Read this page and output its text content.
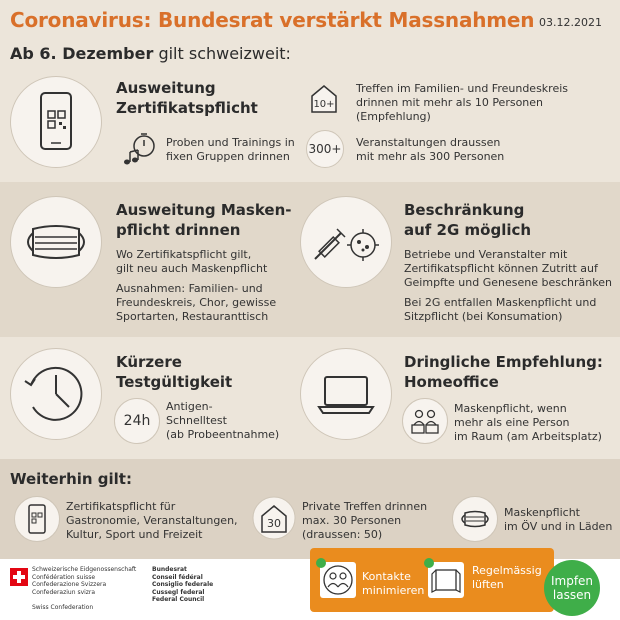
Coronavirus: Bundesrat verstärkt Massnahmen 03.12.2021
Ab 6. Dezember gilt schweizweit:
Ausweitung
Zertifikatspflicht
Proben und Trainings in
fixen Gruppen drinnen
10+
Treffen im Familien- und Freundeskreis
drinnen mit mehr als 10 Personen
(Empfehlung)
300+ Veranstaltungen draussen
mit mehr als 300 Personen
Ausweitung Masken-
pflicht drinnen
Wo Zertifikatspflicht gilt,
gilt neu auch Maskenpflicht
Ausnahmen: Familien- und
Freundeskreis, Chor, gewisse
Sportarten, Restauranttisch
Beschränkung
auf 2G möglich
Betriebe und Veranstalter mit
Zertifikatspflicht können Zutritt auf
Geimpfte und Genesene beschränken
Bei 2G entfallen Maskenpflicht und
Sitzpflicht (bei Konsumation)
Kürzere
Testgültigkeit
24h
Antigen-
Schnelltest
(ab Probeentnahme)
Dringliche Empfehlung:
Homeoffice
Maskenpflicht, wenn
mehr als eine Person
im Raum (am Arbeitsplatz)
Weiterhin gilt:
Zertifikatspflicht für
Gastronomie, Veranstaltungen,
Kultur, Sport und Freizeit
30
Private Treffen drinnen
max. 30 Personen
(draussen: 50)
Maskenpflicht
im ÖV und in Läden
Schweizerische Eidgenossenschaft
Confédération suisse
Confederazione Svizzera
Confederaziun svizra
Swiss Confederation
Bundesrat
Conseil fédéral
Consiglio federale
Cussegl federal
Federal Council
Kontakte
minimieren
Regelmässig
lüften	Impfen
lassen
